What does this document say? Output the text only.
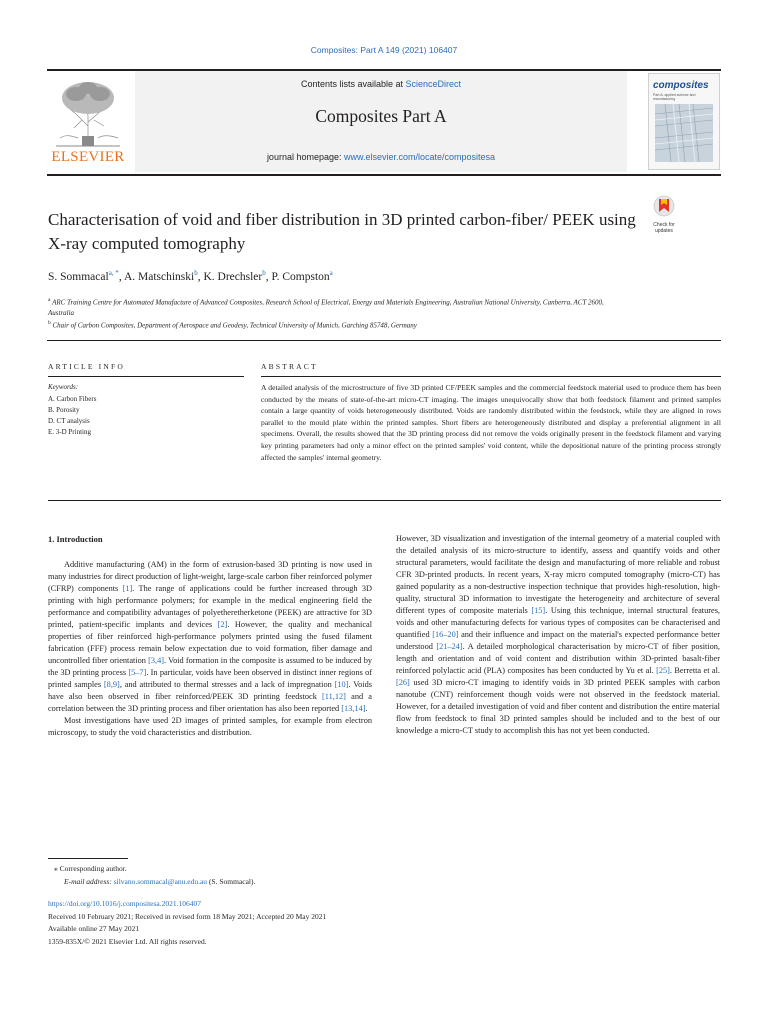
Composites: Part A 149 (2021) 106407
ELSEVIER
Contents lists available at ScienceDirect
Composites Part A
journal homepage: www.elsevier.com/locate/compositesa
composites
Part A: applied science and manufacturing
Characterisation of void and fiber distribution in 3D printed carbon-fiber/ PEEK using X-ray computed tomography
Check for
updates
S. Sommacal$^{a, *}$, A. Matschinski$^b$, K. Drechsler$^b$, P. Compston$^a$
$^a$ ARC Training Centre for Automated Manufacture of Advanced Composites, Research School of Electrical, Energy and Materials Engineering, Australian National University, Canberra, ACT 2600, Australia
$^b$ Chair of Carbon Composites, Department of Aerospace and Geodesy, Technical University of Munich, Garching 85748, Germany
ARTICLE INFO
Keywords:
A. Carbon Fibers
B. Porosity
D. CT analysis
E. 3-D Printing
ABSTRACT
A detailed analysis of the microstructure of five 3D printed CF/PEEK samples and the commercial feedstock material used to produce them has been conducted by the means of state-of-the-art micro-CT imaging. The images unequivocally show that both feedstock filament and printed samples contain a large quantity of voids heterogeneously distributed. Voids are randomly distributed within the feedstock, while they are aligned in rows parallel to the mould plate within the printed samples. Short fibers are heterogeneously distributed and display a preferential alignment in all specimens. Overall, the results showed that the 3D printing process did not remove the voids originally present in the feedstock filament and varying key printing parameters had only a minor effect on the printed samples' void content, while the depositional nature of the printing process strongly affected the samples' internal geometry.
1. Introduction

Additive manufacturing (AM) in the form of extrusion-based 3D printing is now used in many industries for direct production of light-weight, large-scale carbon fiber reinforced polymer (CFRP) components [1]. The range of applications could be further increased through 3D printing with high performance polymers; for example in the medical engineering field the performance and compatibility advantages of polyetheretherketone (PEEK) are attractive for 3D printed, patient-specific implants and devices [2]. However, the quality and mechanical properties of fiber reinforced high-performance polymers printed using the fused filament fabrication (FFF) process remain below expectation due to void formation, fiber damage and uncontrolled fiber orientation [3,4]. Void formation in the composite is assumed to be induced by the 3D printing process [5–7]. In particular, voids have been observed in distinct inner regions of printed samples [8,9], and attributed to thermal stresses and a lack of impregnation [10]. Voids have also been observed in fiber reinforced/PEEK 3D printing feedstock [11,12] and a correlation between the 3D printing process and fiber orientation has also been reported [13,14].

Most investigations have used 2D images of printed samples, for example from electron microscopy, to study the void characteristics and distribution.

However, 3D visualization and investigation of the internal geometry of a material coupled with the detailed analysis of its micro-structure to identify, assess and quantify voids and other structural parameters, would facilitate the design and manufacturing of more reliable and robust CFR 3D-printed products. In recent years, X-ray micro computed tomography (micro-CT) has gained popularity as a non-destructive inspection technique that provides high-resolution, high-quality, structural 3D information to investigate the heterogeneity and architecture of several different types of composite materials [15]. Using this technique, internal structural features, voids and other manufacturing defects for various types of composites can be characterised and quantified [16–20] and their influence and impact on the material's expected performance better understood [21–24]. A detailed morphological characterisation by micro-CT of fiber position, length and orientation and of void content and distribution within 3D-printed basalt-fiber reinforced polylactic acid (PLA) composites has been conducted by Yu et al. [25]. Berretta et al. [26] used 3D micro-CT imaging to identify voids in 3D printed PEEK samples with carbon nanotube (CNT) reinforcement though voids were not observed in the feedstock material. However, for a detailed investigation of void and fiber content and distribution the entire material flow from feedstock to final 3D printed samples should be included and to the best of our knowledge a micro-CT study to accomplish this has not yet been conducted.

⁎ Corresponding author.
E-mail address: silvano.sommacal@anu.edu.au (S. Sommacal).
https://doi.org/10.1016/j.compositesa.2021.106407
Received 10 February 2021; Received in revised form 18 May 2021; Accepted 20 May 2021
Available online 27 May 2021
1359-835X/© 2021 Elsevier Ltd. All rights reserved.
